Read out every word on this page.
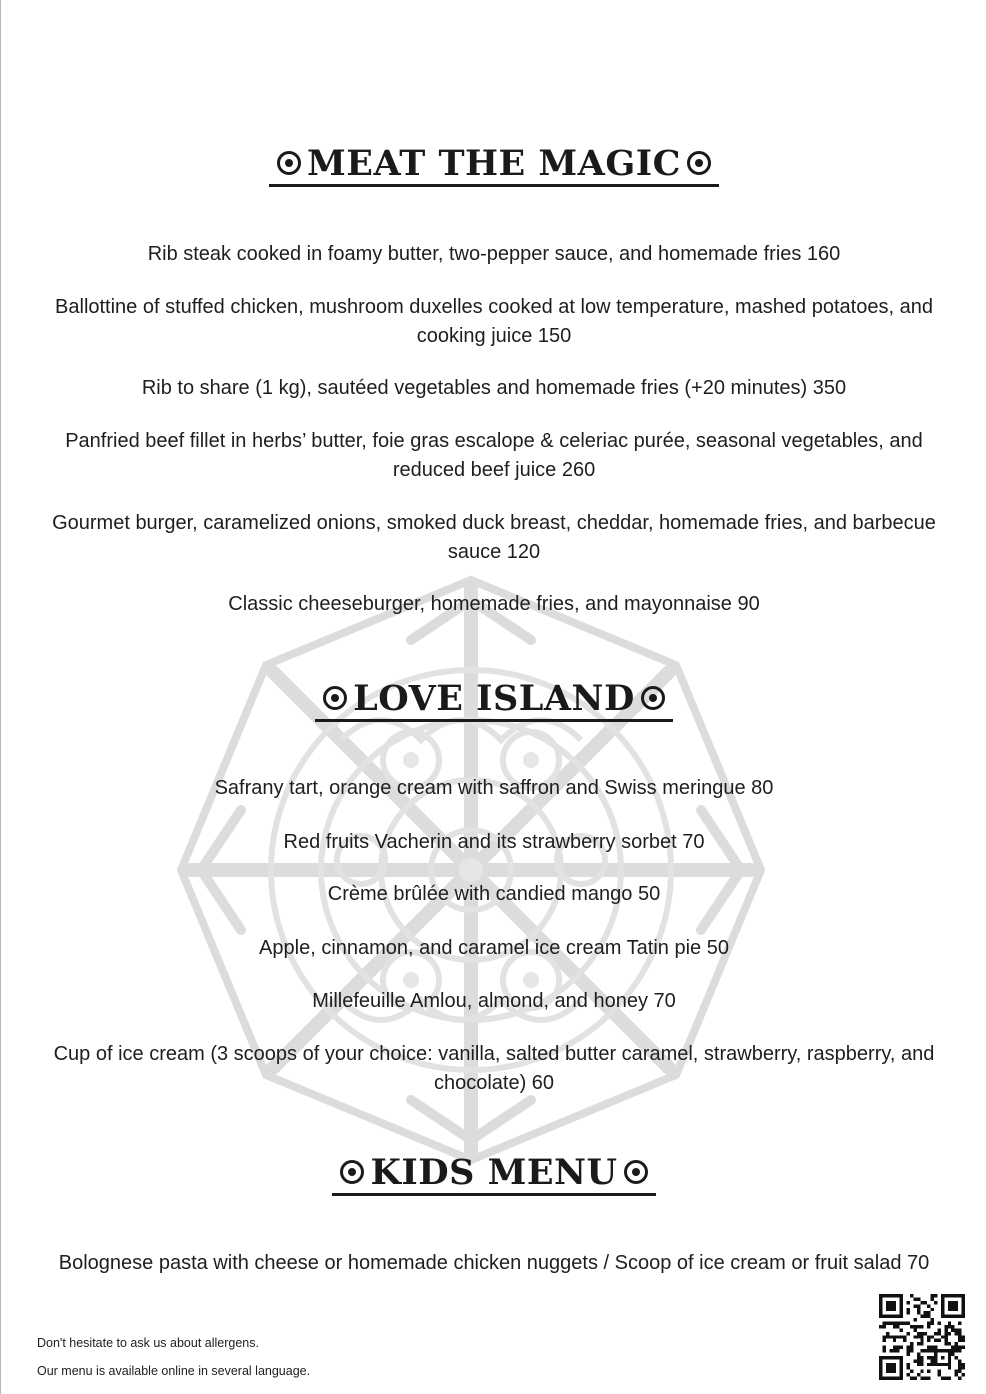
MEAT THE MAGIC

Rib steak cooked in foamy butter, two-pepper sauce, and homemade fries 160

Ballottine of stuffed chicken, mushroom duxelles cooked at low temperature, mashed potatoes, and cooking juice 150

Rib to share (1 kg), sautéed vegetables and homemade fries (+20 minutes) 350

Panfried beef fillet in herbs’ butter, foie gras escalope & celeriac purée, seasonal vegetables, and reduced beef juice 260

Gourmet burger, caramelized onions, smoked duck breast, cheddar, homemade fries, and barbecue sauce 120

Classic cheeseburger, homemade fries, and mayonnaise 90

LOVE ISLAND

Safrany tart, orange cream with saffron and Swiss meringue 80

Red fruits Vacherin and its strawberry sorbet 70

Crème brûlée with candied mango 50

Apple, cinnamon, and caramel ice cream Tatin pie 50

Millefeuille Amlou, almond, and honey 70

Cup of ice cream (3 scoops of your choice: vanilla, salted butter caramel, strawberry, raspberry, and chocolate) 60

KIDS MENU

Bolognese pasta with cheese or homemade chicken nuggets / Scoop of ice cream or fruit salad 70

Don't hesitate to ask us about allergens.

Our menu is available online in several language.
